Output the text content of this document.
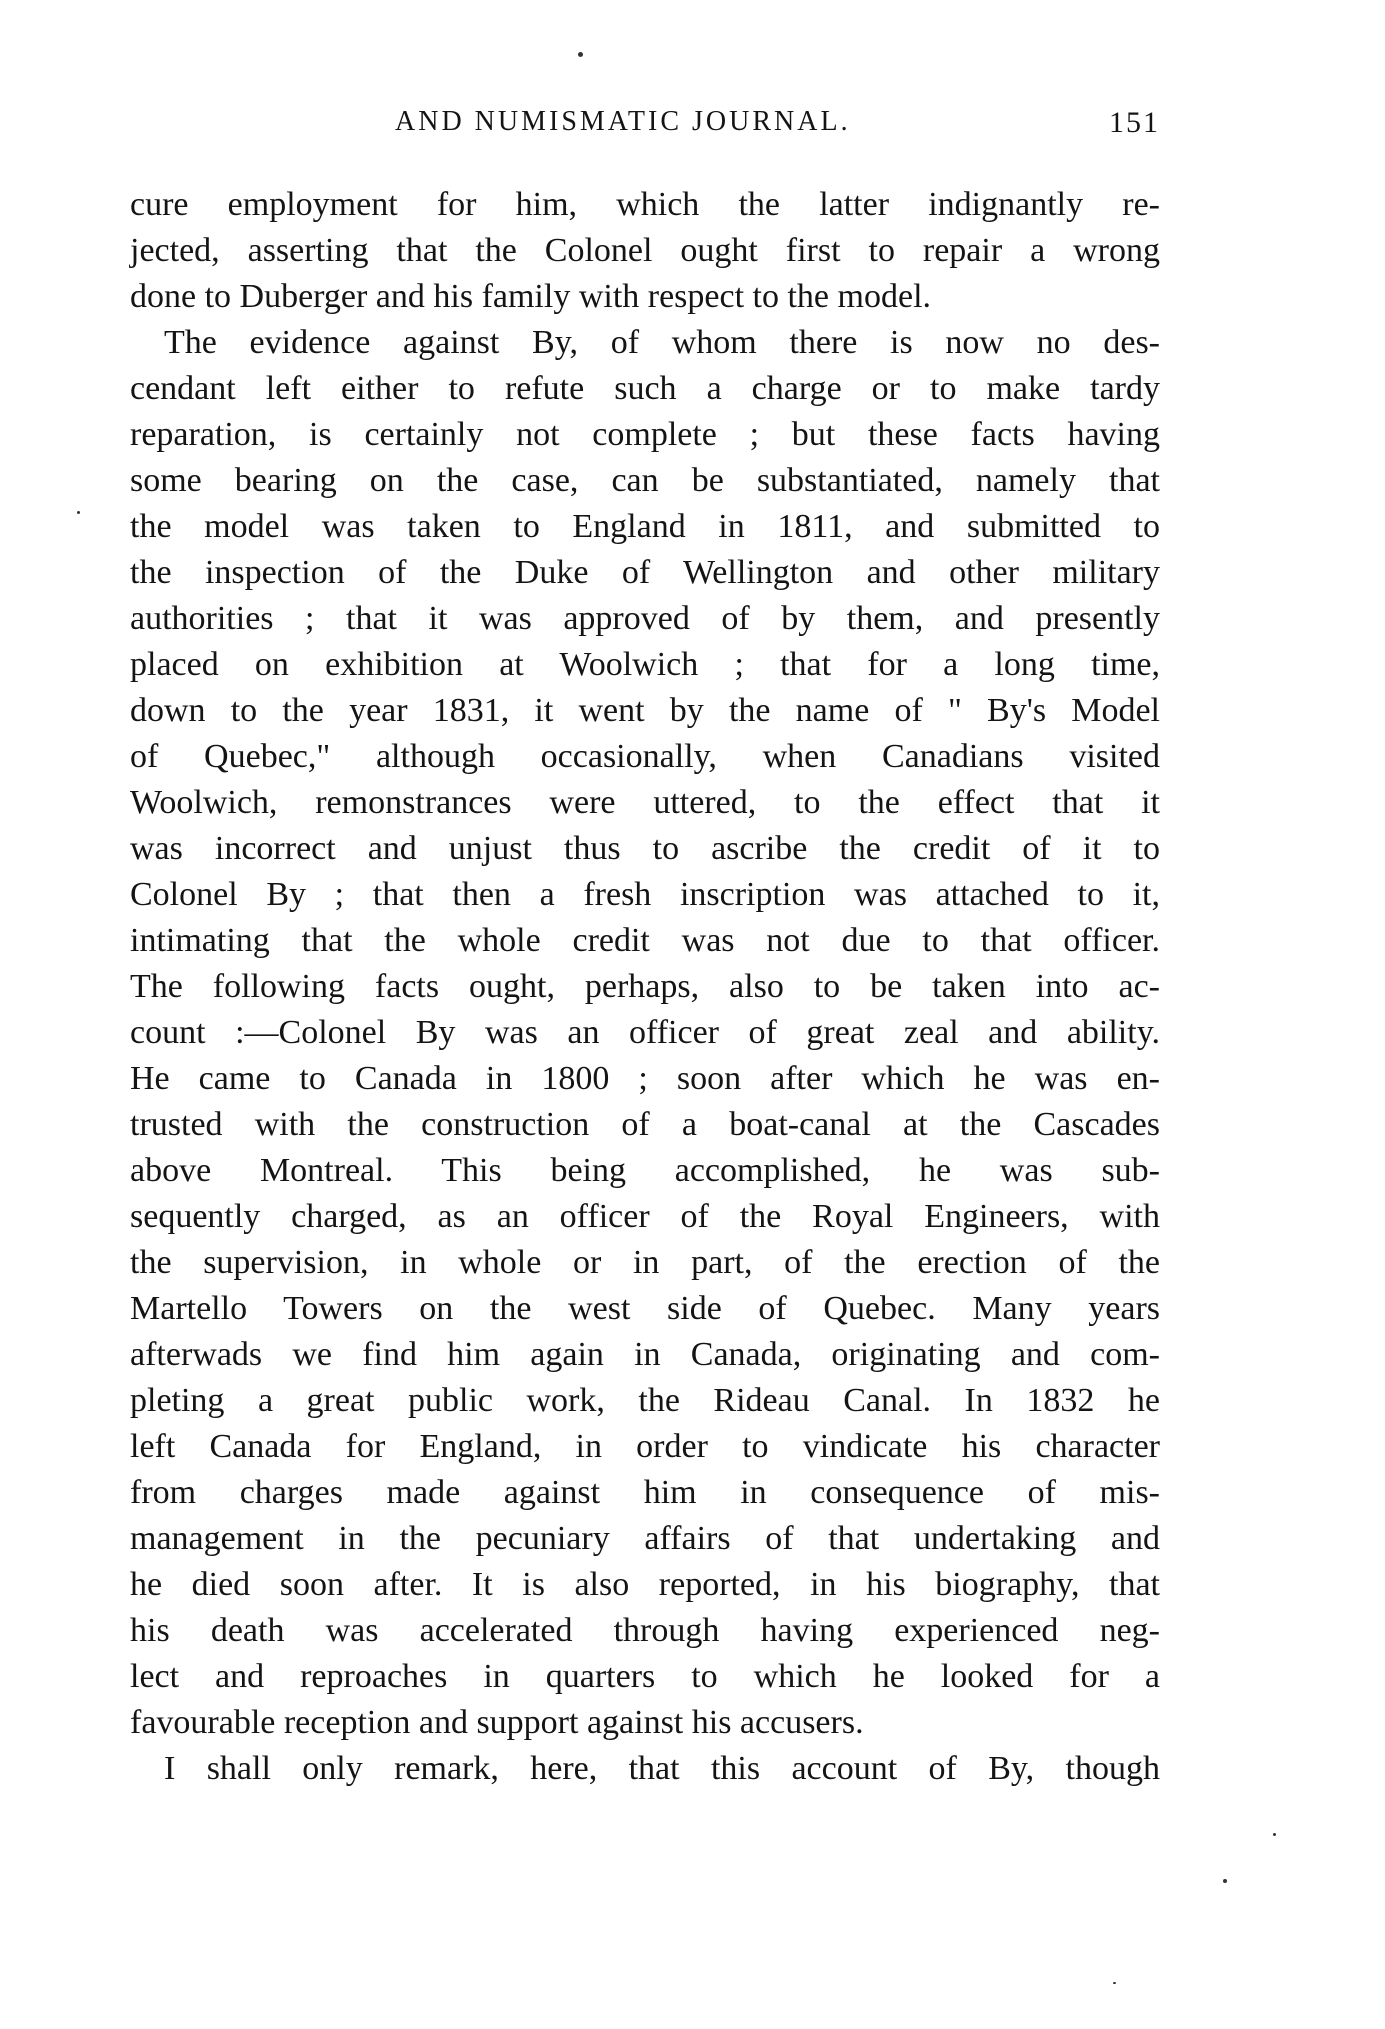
AND NUMISMATIC JOURNAL.	151
cure employment for him, which the latter indignantly re-
jected, asserting that the Colonel ought first to repair a wrong
done to Duberger and his family with respect to the model.
The evidence against By, of whom there is now no des-
cendant left either to refute such a charge or to make tardy
reparation, is certainly not complete ; but these facts having
some bearing on the case, can be substantiated, namely that
the model was taken to England in 1811, and submitted to
the inspection of the Duke of Wellington and other military
authorities ; that it was approved of by them, and presently
placed on exhibition at Woolwich ; that for a long time,
down to the year 1831, it went by the name of " By's Model
of Quebec," although occasionally, when Canadians visited
Woolwich, remonstrances were uttered, to the effect that it
was incorrect and unjust thus to ascribe the credit of it to
Colonel By ; that then a fresh inscription was attached to it,
intimating that the whole credit was not due to that officer.
The following facts ought, perhaps, also to be taken into ac-
count :—Colonel By was an officer of great zeal and ability.
He came to Canada in 1800 ; soon after which he was en-
trusted with the construction of a boat-canal at the Cascades
above Montreal. This being accomplished, he was sub-
sequently charged, as an officer of the Royal Engineers, with
the supervision, in whole or in part, of the erection of the
Martello Towers on the west side of Quebec. Many years
afterwads we find him again in Canada, originating and com-
pleting a great public work, the Rideau Canal. In 1832 he
left Canada for England, in order to vindicate his character
from charges made against him in consequence of mis-
management in the pecuniary affairs of that undertaking and
he died soon after. It is also reported, in his biography, that
his death was accelerated through having experienced neg-
lect and reproaches in quarters to which he looked for a
favourable reception and support against his accusers.
I shall only remark, here, that this account of By, though
